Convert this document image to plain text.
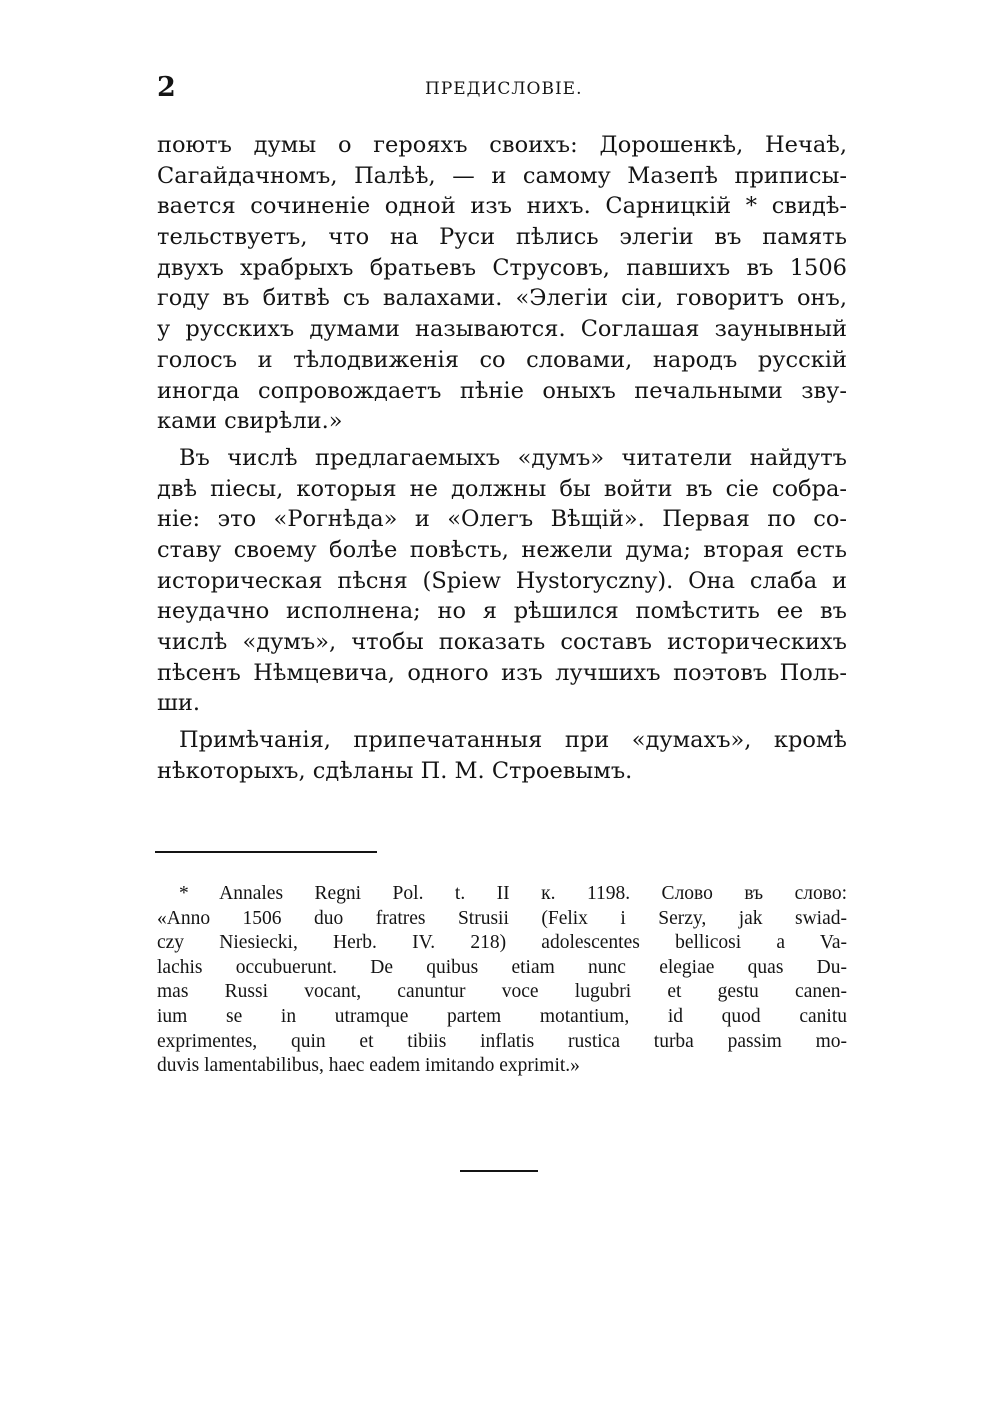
2	ПРЕДИСЛОВІЕ.
поютъ думы о герояхъ своихъ: Дорошенкѣ, Нечаѣ,
Сагайдачномъ, Палѣѣ, — и самому Мазепѣ приписы-
вается сочиненіе одной изъ нихъ. Сарницкій * свидѣ-
тельствуетъ, что на Руси пѣлись элегіи въ память
двухъ храбрыхъ братьевъ Струсовъ, павшихъ въ 1506
году въ битвѣ съ валахами. «Элегіи сіи, говоритъ онъ,
у русскихъ думами называются. Соглашая заунывный
голосъ и тѣлодвиженія со словами, народъ русскій
иногда сопровождаетъ пѣніе оныхъ печальными зву-
ками свирѣли.»
Въ числѣ предлагаемыхъ «думъ» читатели найдутъ
двѣ піесы, которыя не должны бы войти въ сіе собра-
ніе: это «Рогнѣда» и «Олегъ Вѣщій». Первая по со-
ставу своему болѣе повѣсть, нежели дума; вторая есть
историческая пѣсня (Spiew Hystoryczny). Она слаба и
неудачно исполнена; но я рѣшился помѣстить ее въ
числѣ «думъ», чтобы показать составъ историческихъ
пѣсенъ Нѣмцевича, одного изъ лучшихъ поэтовъ Поль-
ши.
Примѣчанія, припечатанныя при «думахъ», кромѣ
нѣкоторыхъ, сдѣланы П. М. Строевымъ.
* Annales Regni Pol. t. II к. 1198. Слово въ слово:
«Anno 1506 duo fratres Strusii (Felix i Serzy, jak swiad-
czy Niesiecki, Herb. IV. 218) adolescentes bellicosi a Va-
lachis occubuerunt. De quibus etiam nunc elegiae quas Du-
mas Russi vocant, canuntur voce lugubri et gestu canen-
ium se in utramque partem motantium, id quod canitu
exprimentes, quin et tibiis inflatis rustica turba passim mo-
duvis lamentabilibus, haec eadem imitando exprimit.»
